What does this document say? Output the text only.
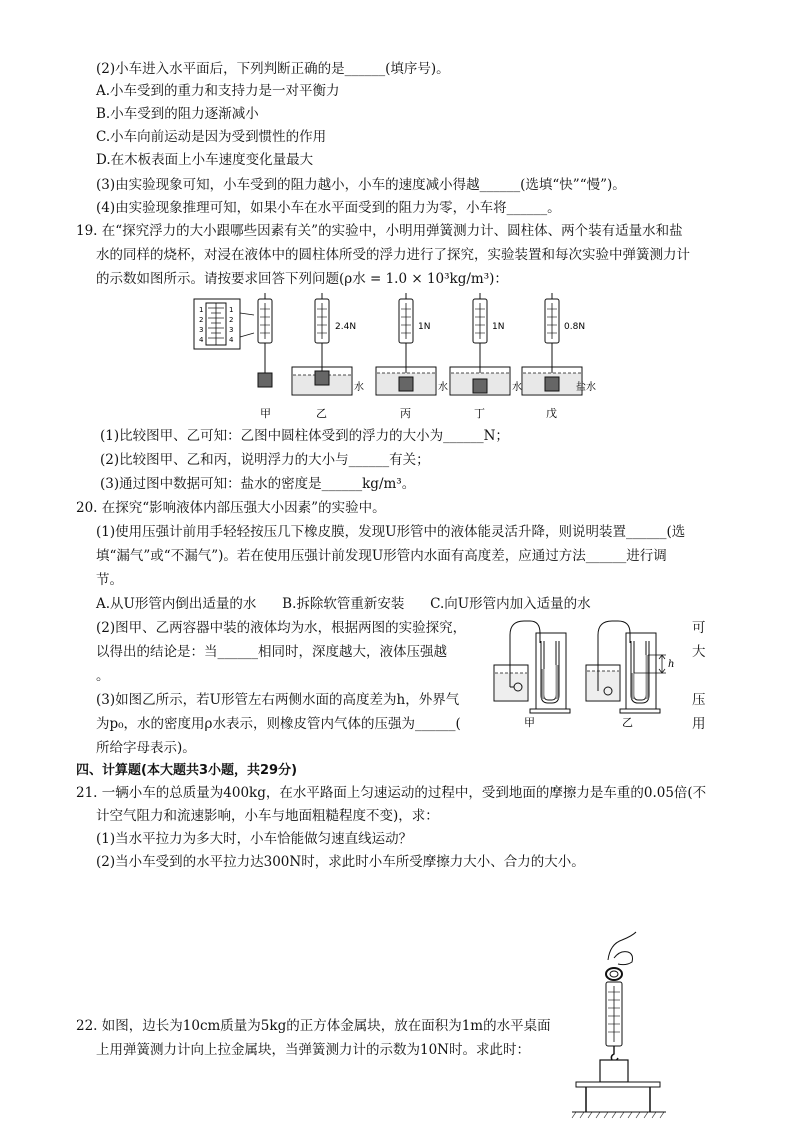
(2)小车进入水平面后，下列判断正确的是______(填序号)。
A.小车受到的重力和支持力是一对平衡力
B.小车受到的阻力逐渐减小
C.小车向前运动是因为受到惯性的作用
D.在木板表面上小车速度变化量最大
(3)由实验现象可知，小车受到的阻力越小，小车的速度减小得越______(选填“快”“慢”)。
(4)由实验现象推理可知，如果小车在水平面受到的阻力为零，小车将______。
19. 在“探究浮力的大小跟哪些因素有关”的实验中，小明用弹簧测力计、圆柱体、两个装有适量水和盐
水的同样的烧杯，对浸在液体中的圆柱体所受的浮力进行了探究，实验装置和每次实验中弹簧测力计
的示数如图所示。请按要求回答下列问题(ρ水 = 1.0 × 10³kg/m³)：
1
2
3
4
1
2
3
4
2.4N
水
1N
水
1N
水
0.8N
盐水
甲	乙	丙	丁	戊
(1)比较图甲、乙可知：乙图中圆柱体受到的浮力的大小为______N；
(2)比较图甲、乙和丙，说明浮力的大小与______有关；
(3)通过图中数据可知：盐水的密度是______kg/m³。
20. 在探究“影响液体内部压强大小因素”的实验中。
(1)使用压强计前用手轻轻按压几下橡皮膜，发现U形管中的液体能灵活升降，则说明装置______(选
填“漏气”或“不漏气”)。若在使用压强计前发现U形管内水面有高度差，应通过方法______进行调
节。
A.从U形管内倒出适量的水      B.拆除软管重新安装      C.向U形管内加入适量的水
(2)图甲、乙两容器中装的液体均为水，根据两图的实验探究，	可
以得出的结论是：当______相同时，深度越大，液体压强越	大
。
(3)如图乙所示，若U形管左右两侧水面的高度差为h，外界气	压
为p₀，水的密度用ρ水表示，则橡皮管内气体的压强为______(	用
所给字母表示)。
甲
h
乙
四、计算题(本大题共3小题，共29分)
21. 一辆小车的总质量为400kg，在水平路面上匀速运动的过程中，受到地面的摩擦力是车重的0.05倍(不
计空气阻力和流速影响，小车与地面粗糙程度不变)，求：
(1)当水平拉力为多大时，小车恰能做匀速直线运动？
(2)当小车受到的水平拉力达300N时，求此时小车所受摩擦力大小、合力的大小。
22. 如图，边长为10cm质量为5kg的正方体金属块，放在面积为1m的水平桌面
上用弹簧测力计向上拉金属块，当弹簧测力计的示数为10N时。求此时：
